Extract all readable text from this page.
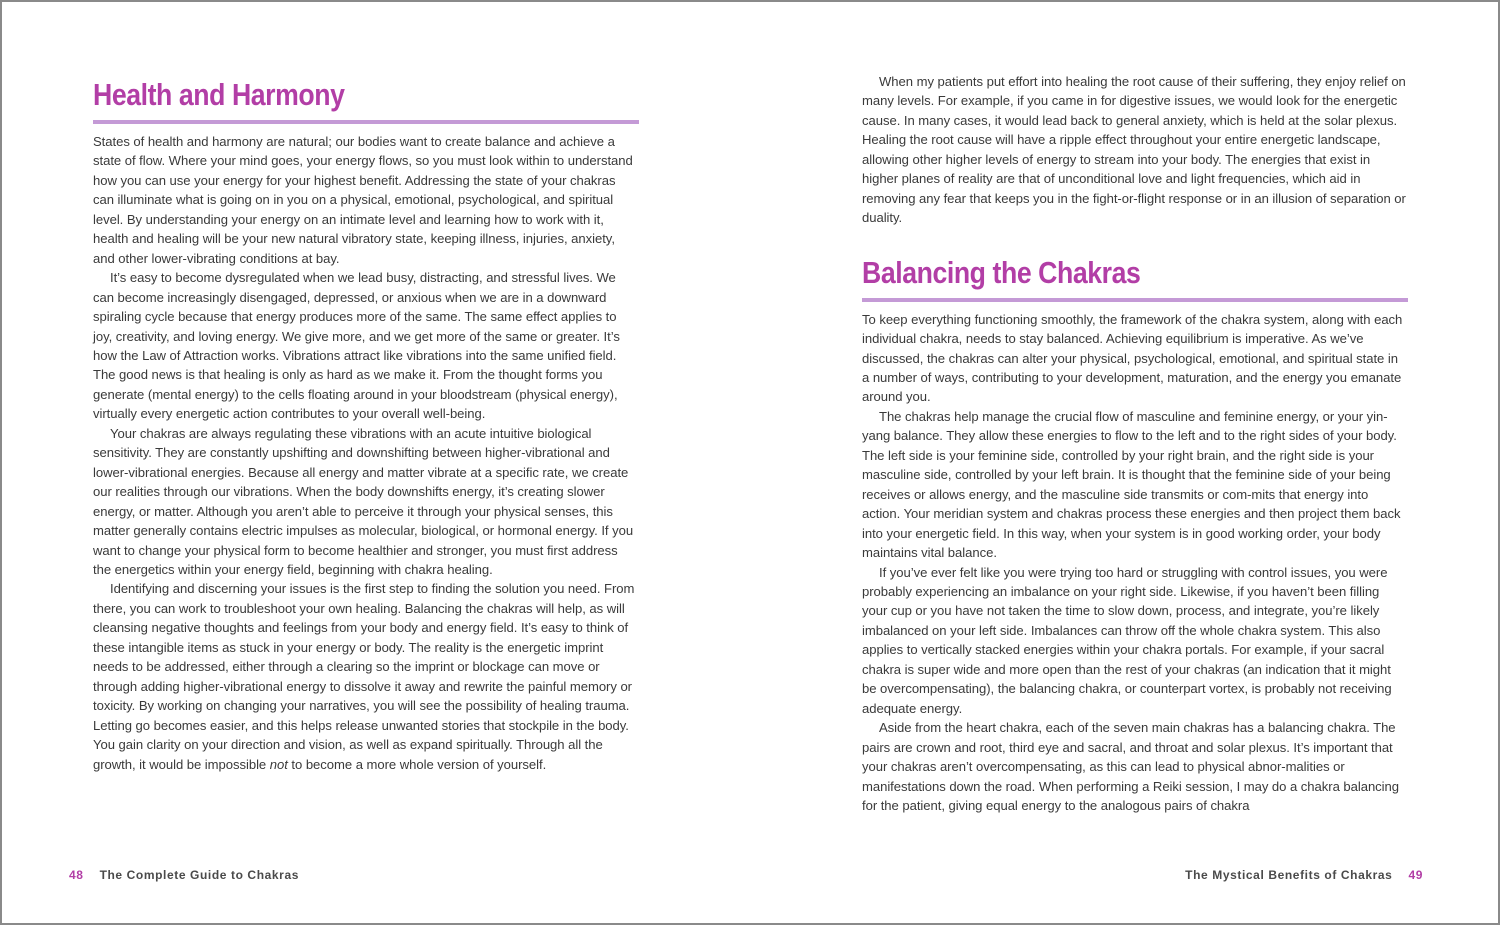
Health and Harmony

States of health and harmony are natural; our bodies want to create balance and achieve a state of flow. Where your mind goes, your energy flows, so you must look within to understand how you can use your energy for your highest benefit. Addressing the state of your chakras can illuminate what is going on in you on a physical, emotional, psychological, and spiritual level. By understanding your energy on an intimate level and learning how to work with it, health and healing will be your new natural vibratory state, keeping illness, injuries, anxiety, and other lower-vibrating conditions at bay.

It’s easy to become dysregulated when we lead busy, distracting, and stressful lives. We can become increasingly disengaged, depressed, or anxious when we are in a downward spiraling cycle because that energy produces more of the same. The same effect applies to joy, creativity, and loving energy. We give more, and we get more of the same or greater. It’s how the Law of Attraction works. Vibrations attract like vibrations into the same unified field. The good news is that healing is only as hard as we make it. From the thought forms you generate (mental energy) to the cells floating around in your bloodstream (physical energy), virtually every energetic action contributes to your overall well-being.

Your chakras are always regulating these vibrations with an acute intuitive biological sensitivity. They are constantly upshifting and downshifting between higher-vibrational and lower-vibrational energies. Because all energy and matter vibrate at a specific rate, we create our realities through our vibrations. When the body downshifts energy, it’s creating slower energy, or matter. Although you aren’t able to perceive it through your physical senses, this matter generally contains electric impulses as molecular, biological, or hormonal energy. If you want to change your physical form to become healthier and stronger, you must first address the energetics within your energy field, beginning with chakra healing.

Identifying and discerning your issues is the first step to finding the solution you need. From there, you can work to troubleshoot your own healing. Balancing the chakras will help, as will cleansing negative thoughts and feelings from your body and energy field. It’s easy to think of these intangible items as stuck in your energy or body. The reality is the energetic imprint needs to be addressed, either through a clearing so the imprint or blockage can move or through adding higher-vibrational energy to dissolve it away and rewrite the painful memory or toxicity. By working on changing your narratives, you will see the possibility of healing trauma. Letting go becomes easier, and this helps release unwanted stories that stockpile in the body. You gain clarity on your direction and vision, as well as expand spiritually. Through all the growth, it would be impossible not to become a more whole version of yourself.

48 The Complete Guide to Chakras

When my patients put effort into healing the root cause of their suffering, they enjoy relief on many levels. For example, if you came in for digestive issues, we would look for the energetic cause. In many cases, it would lead back to general anxiety, which is held at the solar plexus. Healing the root cause will have a ripple effect throughout your entire energetic landscape, allowing other higher levels of energy to stream into your body. The energies that exist in higher planes of reality are that of unconditional love and light frequencies, which aid in removing any fear that keeps you in the fight-or-flight response or in an illusion of separation or duality.

Balancing the Chakras

To keep everything functioning smoothly, the framework of the chakra system, along with each individual chakra, needs to stay balanced. Achieving equilibrium is imperative. As we’ve discussed, the chakras can alter your physical, psychological, emotional, and spiritual state in a number of ways, contributing to your development, maturation, and the energy you emanate around you.

The chakras help manage the crucial flow of masculine and feminine energy, or your yin-yang balance. They allow these energies to flow to the left and to the right sides of your body. The left side is your feminine side, controlled by your right brain, and the right side is your masculine side, controlled by your left brain. It is thought that the feminine side of your being receives or allows energy, and the masculine side transmits or com-mits that energy into action. Your meridian system and chakras process these energies and then project them back into your energetic field. In this way, when your system is in good working order, your body maintains vital balance.

If you’ve ever felt like you were trying too hard or struggling with control issues, you were probably experiencing an imbalance on your right side. Likewise, if you haven’t been filling your cup or you have not taken the time to slow down, process, and integrate, you’re likely imbalanced on your left side. Imbalances can throw off the whole chakra system. This also applies to vertically stacked energies within your chakra portals. For example, if your sacral chakra is super wide and more open than the rest of your chakras (an indication that it might be overcompensating), the balancing chakra, or counterpart vortex, is probably not receiving adequate energy.

Aside from the heart chakra, each of the seven main chakras has a balancing chakra. The pairs are crown and root, third eye and sacral, and throat and solar plexus. It’s important that your chakras aren’t overcompensating, as this can lead to physical abnor-malities or manifestations down the road. When performing a Reiki session, I may do a chakra balancing for the patient, giving equal energy to the analogous pairs of chakra

The Mystical Benefits of Chakras 49
